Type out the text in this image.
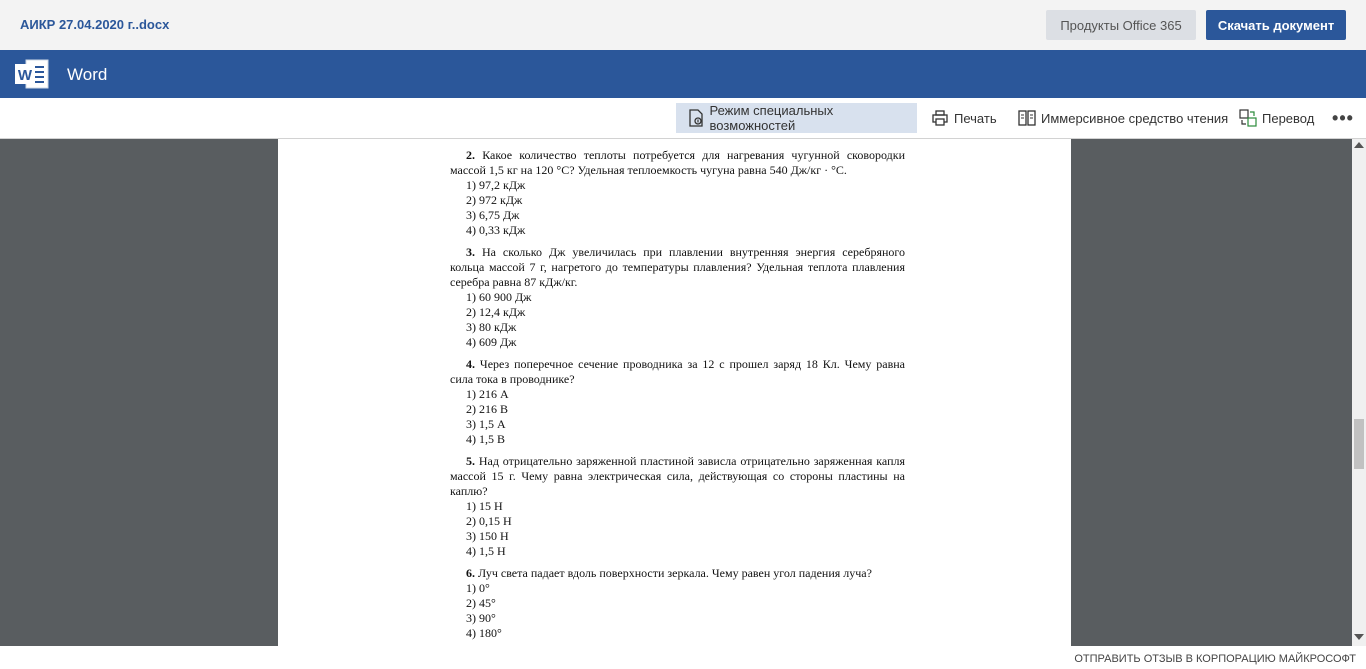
АИКР 27.04.2020 г..docx	Продукты Office 365	Скачать документ
W Word
Режим специальных возможностей	Печать	Иммерсивное средство чтения	Перевод •••
2. Какое количество теплоты потребуется для нагревания чугунной сковородки массой 1,5 кг на 120 °С? Удельная теплоемкость чугуна равна 540 Дж/кг · °С.
1) 97,2 кДж
2) 972 кДж
3) 6,75 Дж
4) 0,33 кДж
3. На сколько Дж увеличилась при плавлении внутренняя энергия серебряного кольца массой 7 г, нагретого до температуры плавления? Удельная теплота плавления серебра равна 87 кДж/кг.
1) 60 900 Дж
2) 12,4 кДж
3) 80 кДж
4) 609 Дж
4. Через поперечное сечение проводника за 12 с прошел заряд 18 Кл. Чему равна сила тока в проводнике?
1) 216 А
2) 216 В
3) 1,5 А
4) 1,5 В
5. Над отрицательно заряженной пластиной зависла отрицательно заряженная капля массой 15 г. Чему равна электрическая сила, действующая со стороны пластины на каплю?
1) 15 Н
2) 0,15 Н
3) 150 Н
4) 1,5 Н
6. Луч света падает вдоль поверхности зеркала. Чему равен угол падения луча?
1) 0°
2) 45°
3) 90°
4) 180°
ОТПРАВИТЬ ОТЗЫВ В КОРПОРАЦИЮ МАЙКРОСОФТ
